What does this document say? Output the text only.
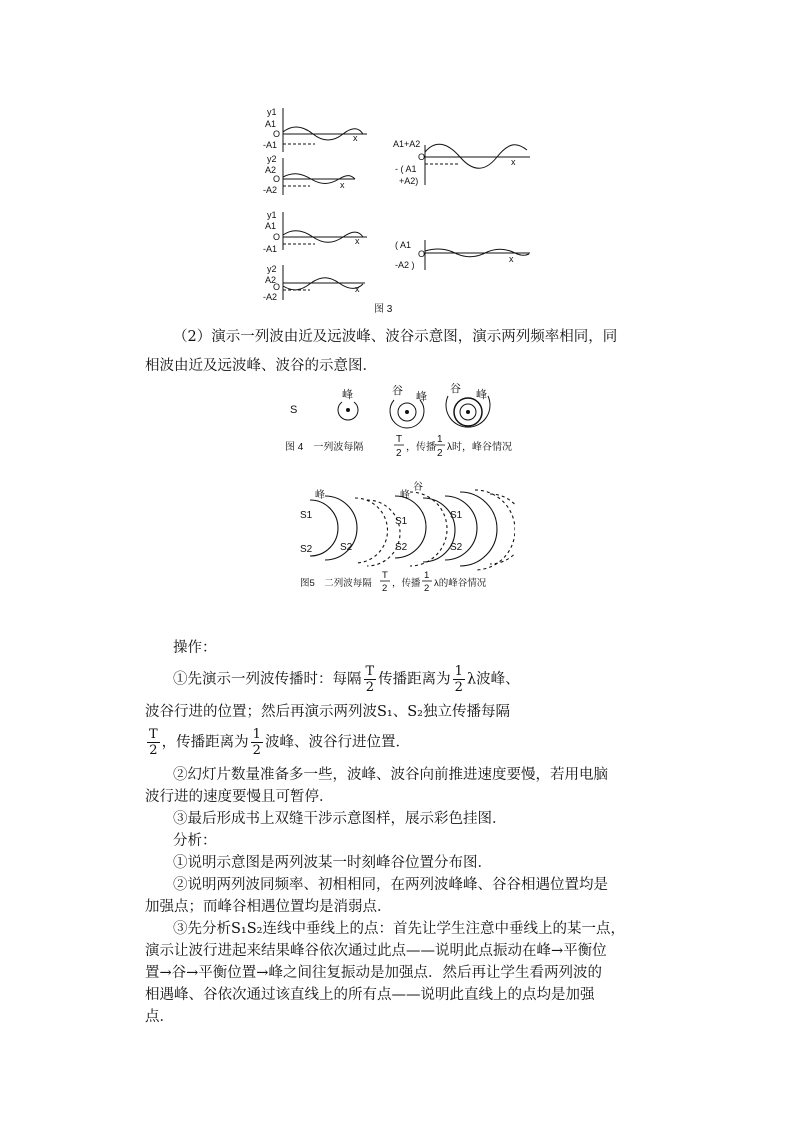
y1
A1
O
-A1
x
y2
A2
O
-A2	x
A1+A2
O
- ( A1
+A2)
x
y1
A1
O
-A1
x
y2
A2
O
-A2
x
( A1
O
-A2 )
x
图 3
（2）演示一列波由近及远波峰、波谷示意图，演示两列频率相同，同
相波由近及远波峰、波谷的示意图．
S
峰	谷 峰
谷 峰
图 4　一列波每隔
T
2
，传播
1
2
λ时，峰谷情况
峰	峰
谷
S1
S2	S2
S1
S2
S1
S2
图5　二列波每隔
T
2 ，传播
1
2 λ的峰谷情况
操作：
①先演示一列波传播时：每隔 $\frac{T}{2}$ 传播距离为 $\frac{1}{2}$ λ波峰、
波谷行进的位置；然后再演示两列波S₁、S₂独立传播每隔
$\frac{T}{2}$ ，传播距离为 $\frac{1}{2}$ 波峰、波谷行进位置．
②幻灯片数量准备多一些，波峰、波谷向前推进速度要慢，若用电脑
波行进的速度要慢且可暂停．
③最后形成书上双缝干涉示意图样，展示彩色挂图．
分析：
①说明示意图是两列波某一时刻峰谷位置分布图．
②说明两列波同频率、初相相同，在两列波峰峰、谷谷相遇位置均是
加强点；而峰谷相遇位置均是消弱点．
③先分析S₁S₂连线中垂线上的点：首先让学生注意中垂线上的某一点，
演示让波行进起来结果峰谷依次通过此点——说明此点振动在峰→平衡位
置→谷→平衡位置→峰之间往复振动是加强点．然后再让学生看两列波的
相遇峰、谷依次通过该直线上的所有点——说明此直线上的点均是加强
点．
